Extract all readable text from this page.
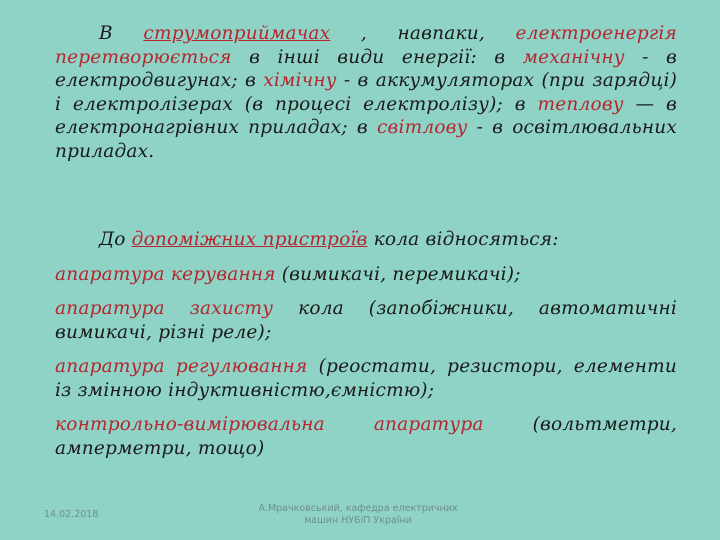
В струмоприймачах , навпаки, електроенергія перетворюється в інші види енергії: в механічну - в електродвигунах; в хімічну - в аккумуляторах (при зарядці) і електролізерах (в процесі електролізу); в теплову — в електронагрівних приладах; в світлову - в освітлювальних приладах.
До допоміжних пристроїв кола відносяться:
апаратура керування (вимикачі, перемикачі);
апаратура захисту кола (запобіжники, автоматичні вимикачі, різні реле);
апаратура регулювання (реостати, резистори, елементи із змінною індуктивністю,ємністю);
контрольно-вимірювальна апаратура (вольтметри, амперметри, тощо)
14.02.2018
А.Мрачковський, кафедра електричних машин НУБіП України
